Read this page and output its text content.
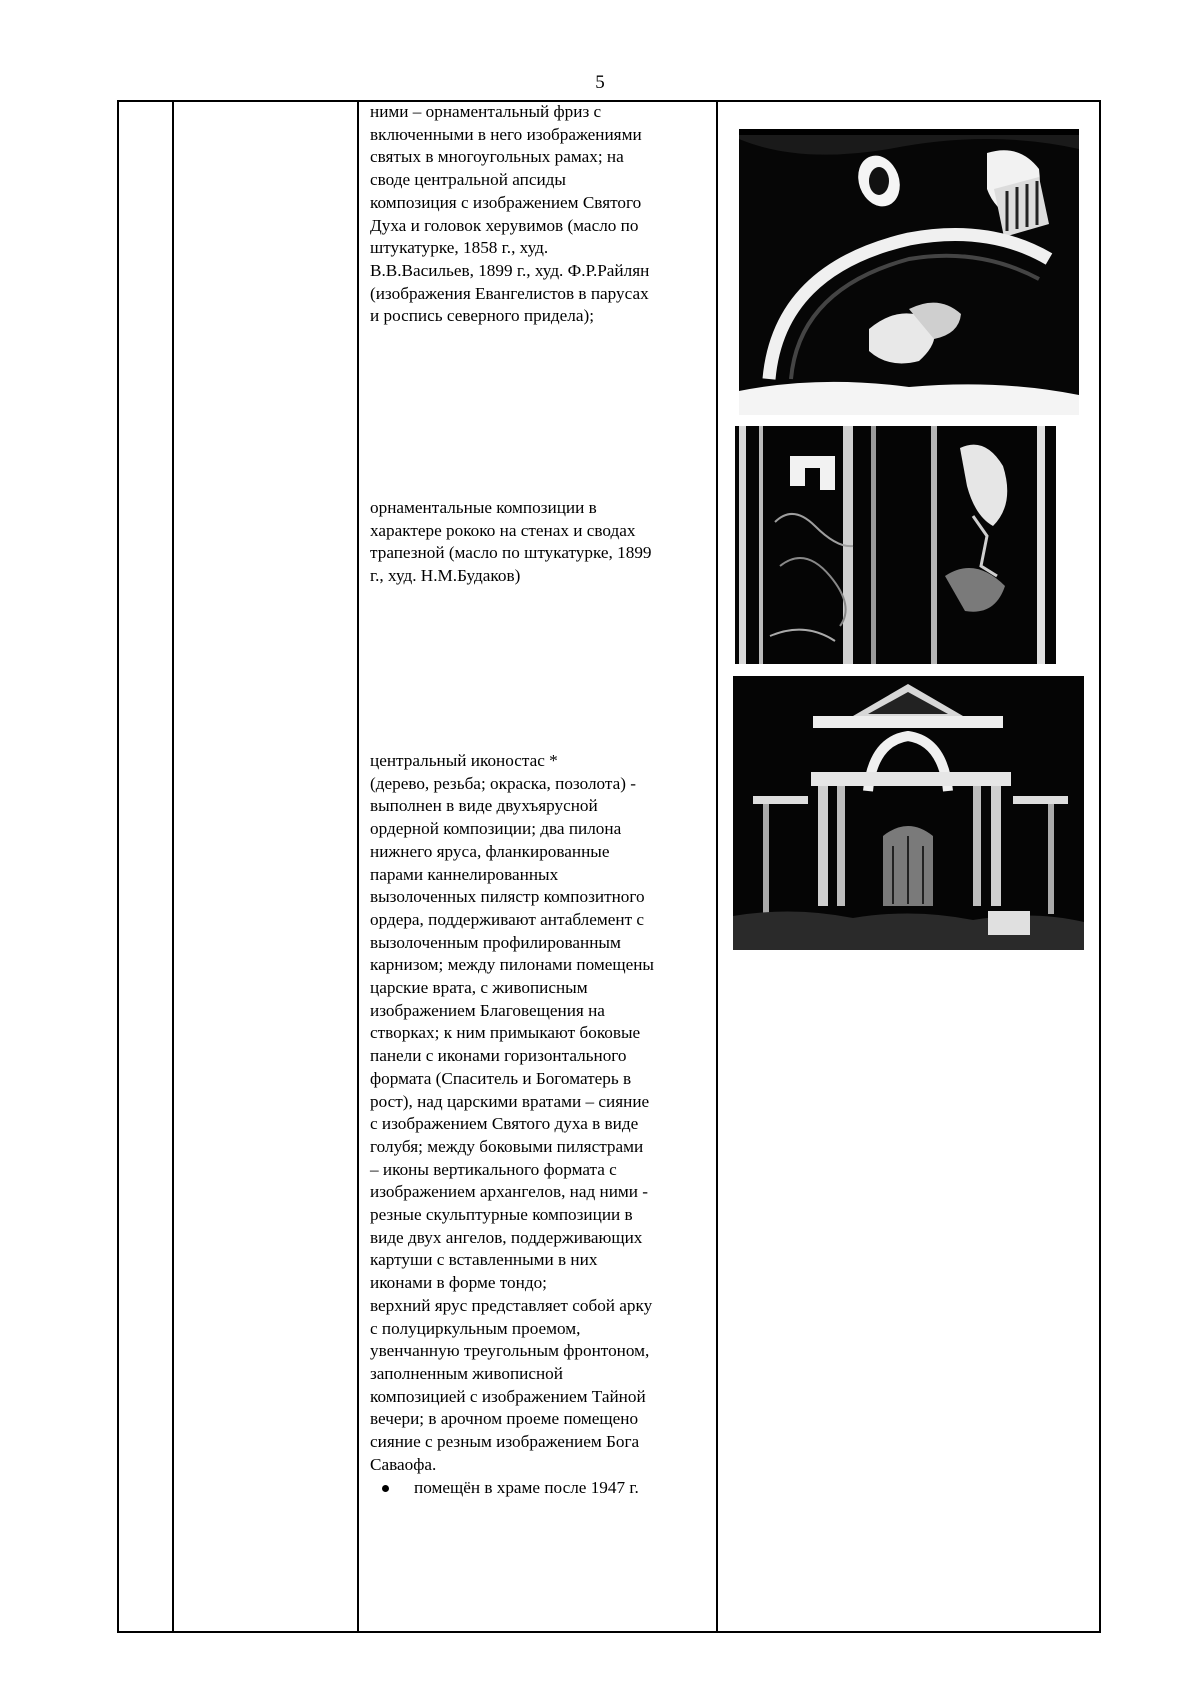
5
ними – орнаментальный фриз с
включенными в него изображениями
святых в многоугольных рамах; на
своде центральной апсиды
композиция с изображением Святого
Духа и головок херувимов (масло по
штукатурке, 1858 г., худ.
В.В.Васильев, 1899 г., худ. Ф.Р.Райлян
(изображения Евангелистов в парусах
и роспись северного придела);
орнаментальные композиции в
характере рококо на стенах и сводах
трапезной (масло по штукатурке, 1899
г., худ. Н.М.Будаков)
центральный иконостас *
(дерево, резьба; окраска, позолота) -
выполнен в виде двухъярусной
ордерной композиции; два пилона
нижнего яруса, фланкированные
парами каннелированных
вызолоченных пилястр композитного
ордера, поддерживают антаблемент с
вызолоченным профилированным
карнизом; между пилонами помещены
царские врата, с живописным
изображением Благовещения на
створках; к ним примыкают боковые
панели с иконами горизонтального
формата (Спаситель и Богоматерь в
рост), над царскими вратами – сияние
с изображением Святого духа в виде
голубя; между боковыми пилястрами
– иконы вертикального формата с
изображением архангелов, над ними -
резные скульптурные композиции в
виде двух ангелов, поддерживающих
картуши с вставленными в них
иконами в форме тондо;
верхний ярус представляет собой арку
с полуциркульным проемом,
увенчанную треугольным фронтоном,
заполненным живописной
композицией с изображением Тайной
вечери; в арочном проеме помещено
сияние с резным изображением Бога
Саваофа.
помещён в храме после 1947 г.
